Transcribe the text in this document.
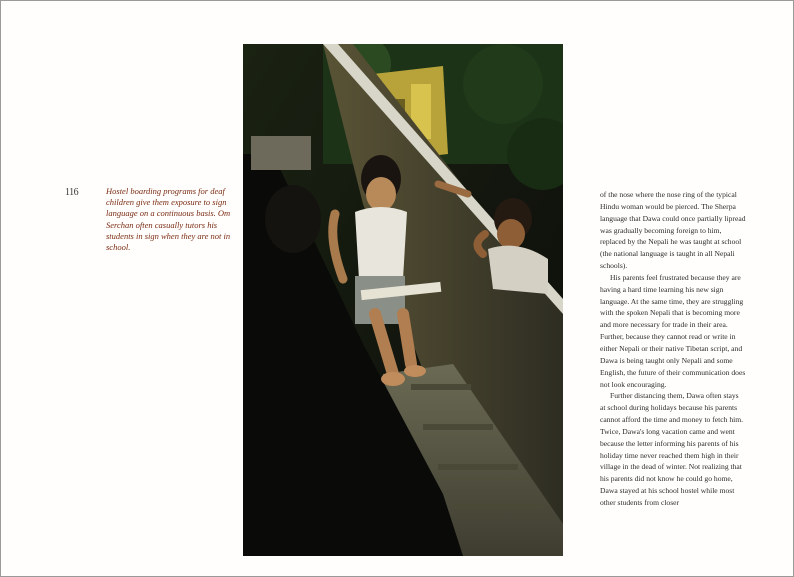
116	Hostel boarding programs for deaf children give them exposure to sign language on a continuous basis. Om Serchan often casually tutors his students in sign when they are not in school.

of the nose where the nose ring of the typical Hindu woman would be pierced. The Sherpa language that Dawa could once partially lipread was gradually becoming foreign to him, replaced by the Nepali he was taught at school (the national language is taught in all Nepali schools).

His parents feel frustrated because they are having a hard time learning his new sign language. At the same time, they are struggling with the spoken Nepali that is becoming more and more necessary for trade in their area. Further, because they cannot read or write in either Nepali or their native Tibetan script, and Dawa is being taught only Nepali and some English, the future of their communication does not look encouraging.

Further distancing them, Dawa often stays at school during holidays because his parents cannot afford the time and money to fetch him. Twice, Dawa's long vacation came and went because the letter informing his parents of his holiday time never reached them high in their village in the dead of winter. Not realizing that his parents did not know he could go home, Dawa stayed at his school hostel while most other students from closer
